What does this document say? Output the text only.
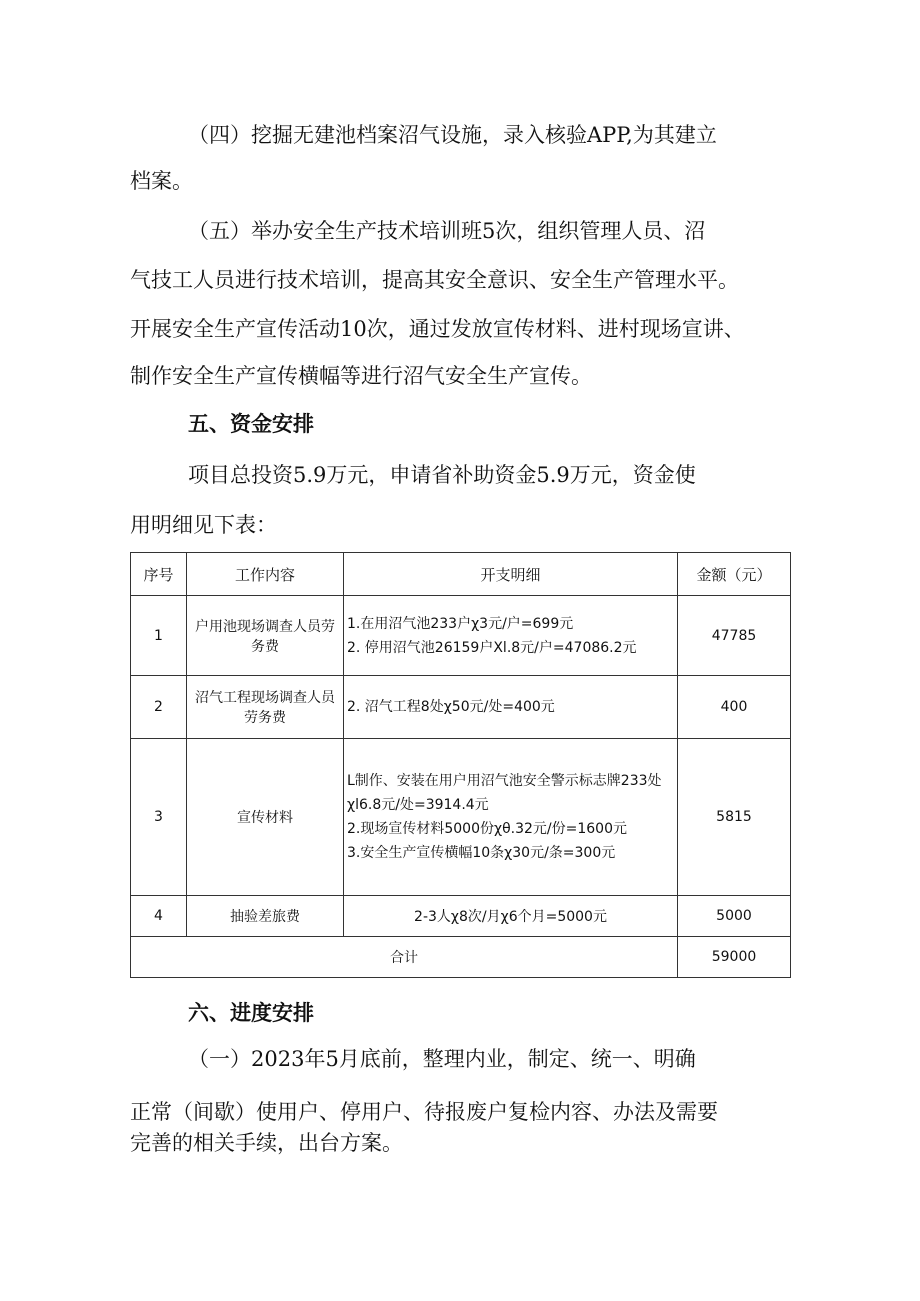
（四）挖掘无建池档案沼气设施，录入核验APP,为其建立
档案。
（五）举办安全生产技术培训班5次，组织管理人员、沼
气技工人员进行技术培训，提高其安全意识、安全生产管理水平。
开展安全生产宣传活动10次，通过发放宣传材料、进村现场宣讲、
制作安全生产宣传横幅等进行沼气安全生产宣传。
五、资金安排
项目总投资5.9万元，申请省补助资金5.9万元，资金使
用明细见下表：
序号	工作内容	开支明细	金额（元）
1	户用池现场调查人员劳务费	1.在用沼气池233户χ3元/户=699元
2. 停用沼气池26159户Xl.8元/户=47086.2元	47785
2	沼气工程现场调查人员劳务费	2. 沼气工程8处χ50元/处=400元	400
3	宣传材料	L制作、安装在用户用沼气池安全警示标志牌233处χl6.8元/处=3914.4元
2.现场宣传材料5000份χθ.32元/份=1600元
3.安全生产宣传横幅10条χ30元/条=300元	5815
4	抽验差旅费	2-3人χ8次/月χ6个月=5000元	5000
合计			59000
六、进度安排
（一）2023年5月底前，整理内业，制定、统一、明确
正常（间歇）使用户、停用户、待报废户复检内容、办法及需要
完善的相关手续，出台方案。
